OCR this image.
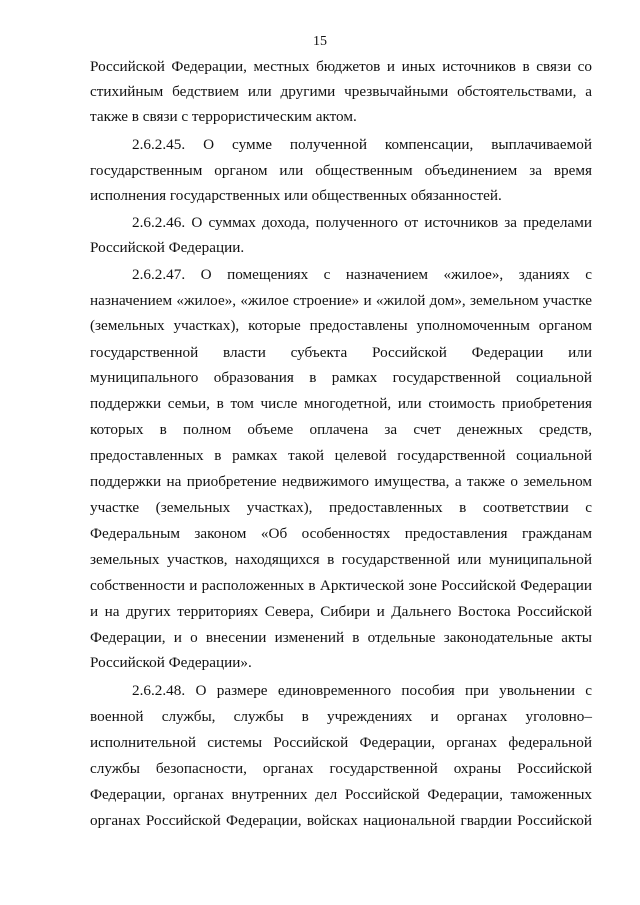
15
Российской Федерации, местных бюджетов и иных источников в связи со
стихийным бедствием или другими чрезвычайными обстоятельствами, а
также в связи с террористическим актом.
2.6.2.45. О сумме полученной компенсации, выплачиваемой
государственным органом или общественным объединением за время
исполнения государственных или общественных обязанностей.
2.6.2.46. О суммах дохода, полученного от источников за пределами
Российской Федерации.
2.6.2.47. О помещениях с назначением «жилое», зданиях с
назначением «жилое», «жилое строение» и «жилой дом», земельном участке
(земельных участках), которые предоставлены уполномоченным органом
государственной власти субъекта Российской Федерации или
муниципального образования в рамках государственной социальной
поддержки семьи, в том числе многодетной, или стоимость приобретения
которых в полном объеме оплачена за счет денежных средств,
предоставленных в рамках такой целевой государственной социальной
поддержки на приобретение недвижимого имущества, а также о земельном
участке (земельных участках), предоставленных в соответствии с
Федеральным законом «Об особенностях предоставления гражданам
земельных участков, находящихся в государственной или муниципальной
собственности и расположенных в Арктической зоне Российской Федерации
и на других территориях Севера, Сибири и Дальнего Востока Российской
Федерации, и о внесении изменений в отдельные законодательные акты
Российской Федерации».
2.6.2.48. О размере единовременного пособия при увольнении с
военной службы, службы в учреждениях и органах уголовно–
исполнительной системы Российской Федерации, органах федеральной
службы безопасности, органах государственной охраны Российской
Федерации, органах внутренних дел Российской Федерации, таможенных
органах Российской Федерации, войсках национальной гвардии Российской
